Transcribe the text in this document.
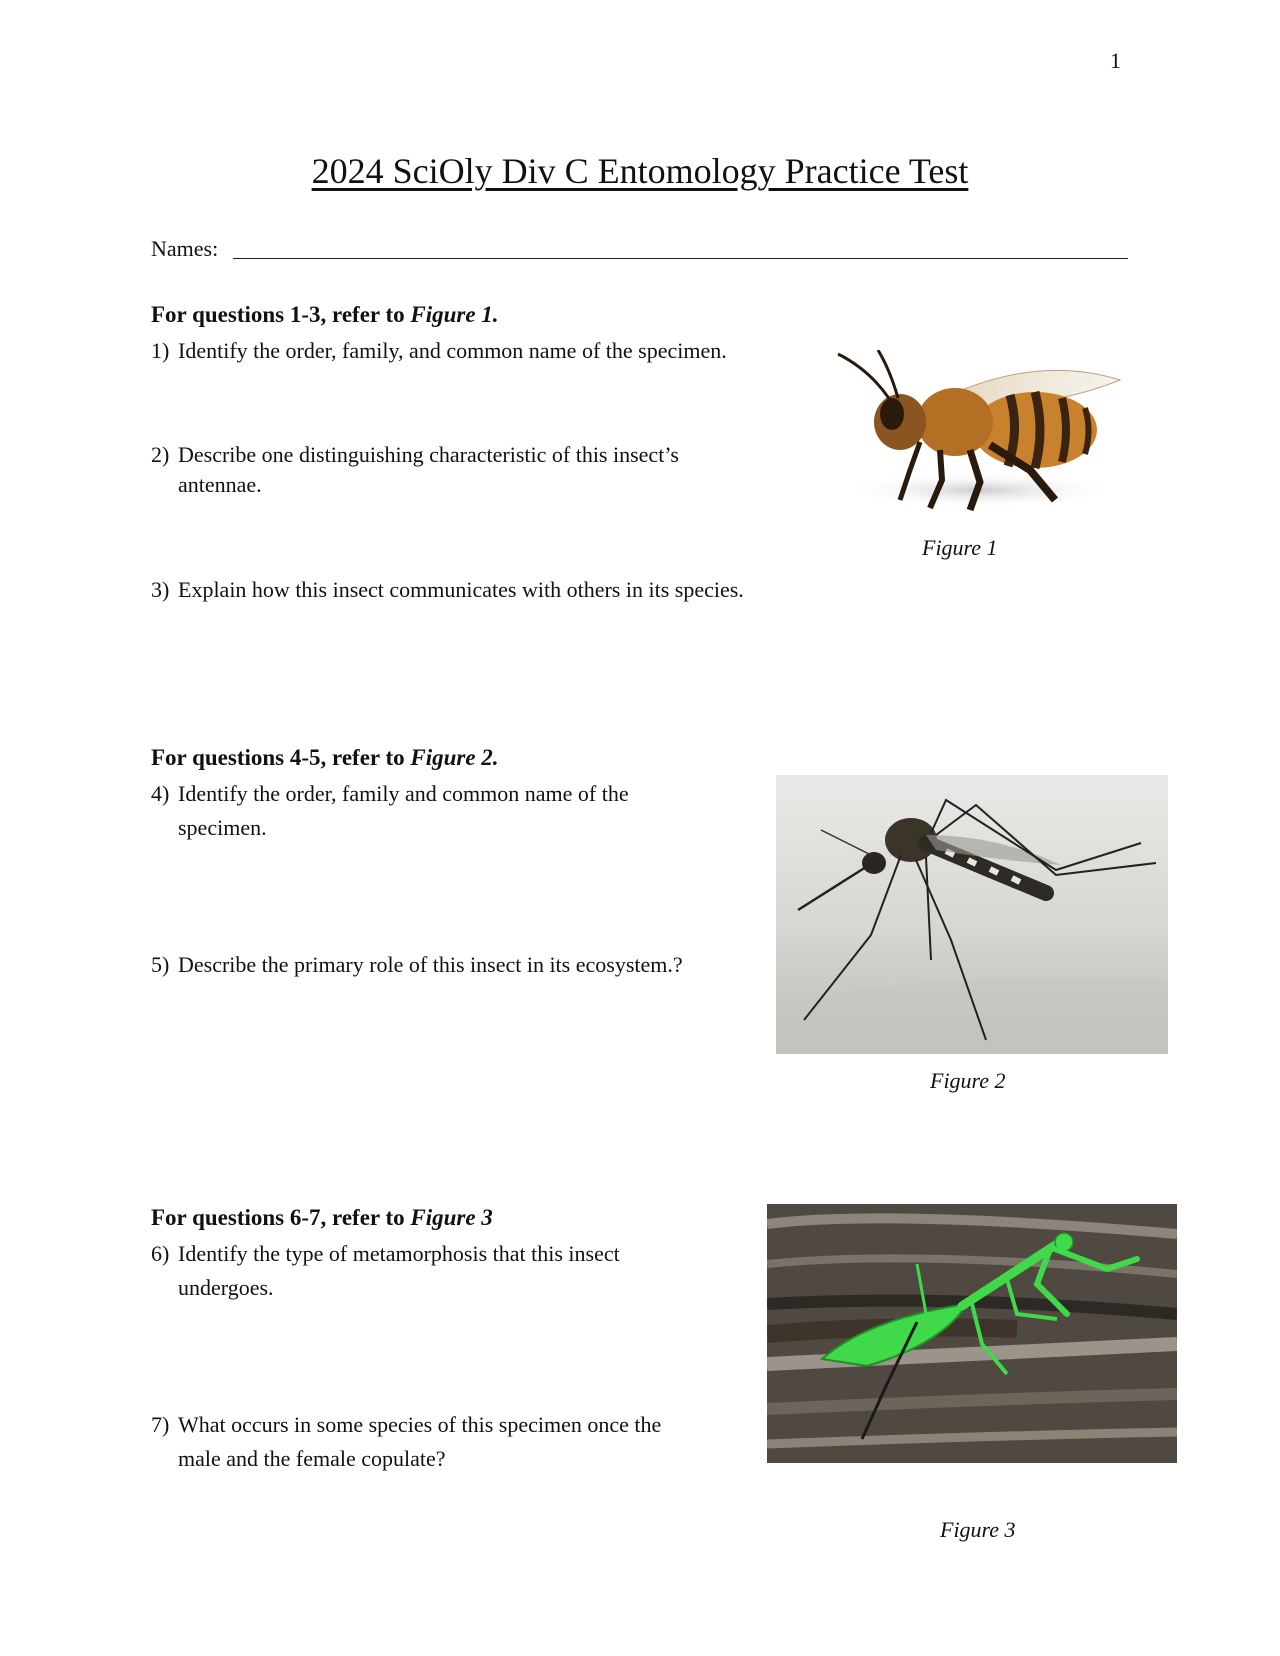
1
2024 SciOly Div C Entomology Practice Test
Names:
For questions 1-3, refer to Figure 1.
1) Identify the order, family, and common name of the specimen.
2) Describe one distinguishing characteristic of this insect’s
antennae.
3) Explain how this insect communicates with others in its species.
Figure 1
For questions 4-5, refer to Figure 2.
4) Identify the order, family and common name of the
specimen.
5) Describe the primary role of this insect in its ecosystem.?
Figure 2
For questions 6-7, refer to Figure 3
6) Identify the type of metamorphosis that this insect
undergoes.
7) What occurs in some species of this specimen once the
male and the female copulate?
Figure 3
